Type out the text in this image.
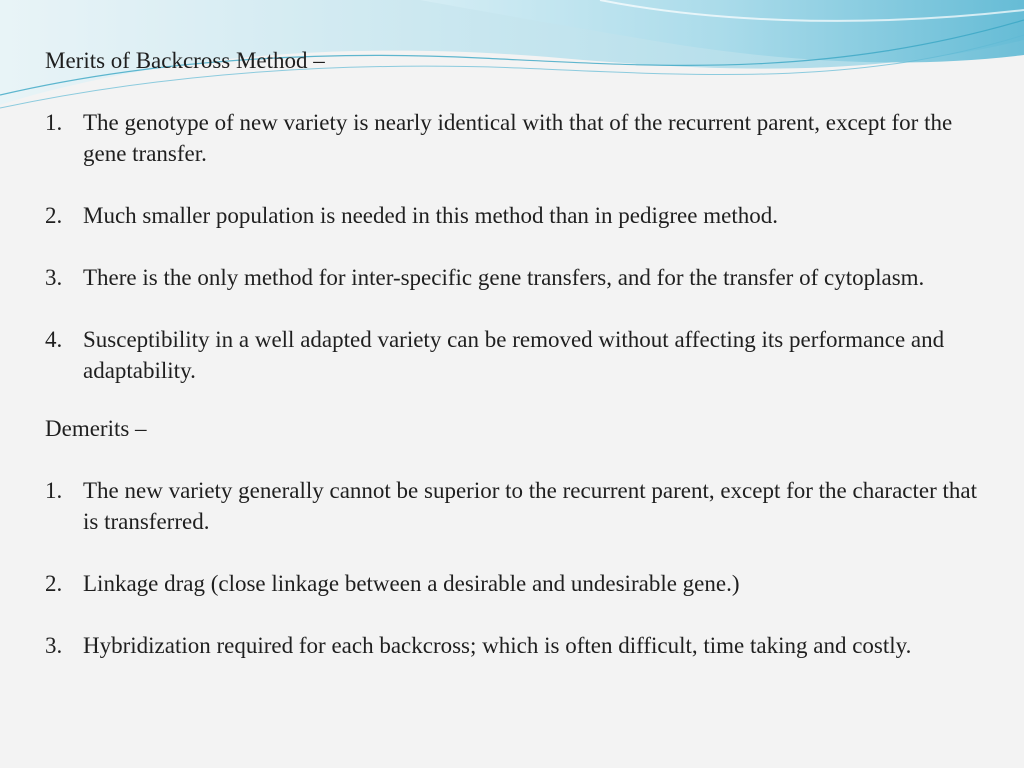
Merits of Backcross Method –

1. The genotype of new variety is nearly identical with that of the recurrent parent, except for the gene transfer.
2. Much smaller population is needed in this method than in pedigree method.
3. There is the only method for inter-specific gene transfers, and for the transfer of cytoplasm.
4. Susceptibility in a well adapted variety can be removed without affecting its performance and adaptability.

Demerits –

1. The new variety generally cannot be superior to the recurrent parent, except for the character that is transferred.
2. Linkage drag (close linkage between a desirable and undesirable gene.)
3. Hybridization required for each backcross; which is often difficult, time taking and costly.
